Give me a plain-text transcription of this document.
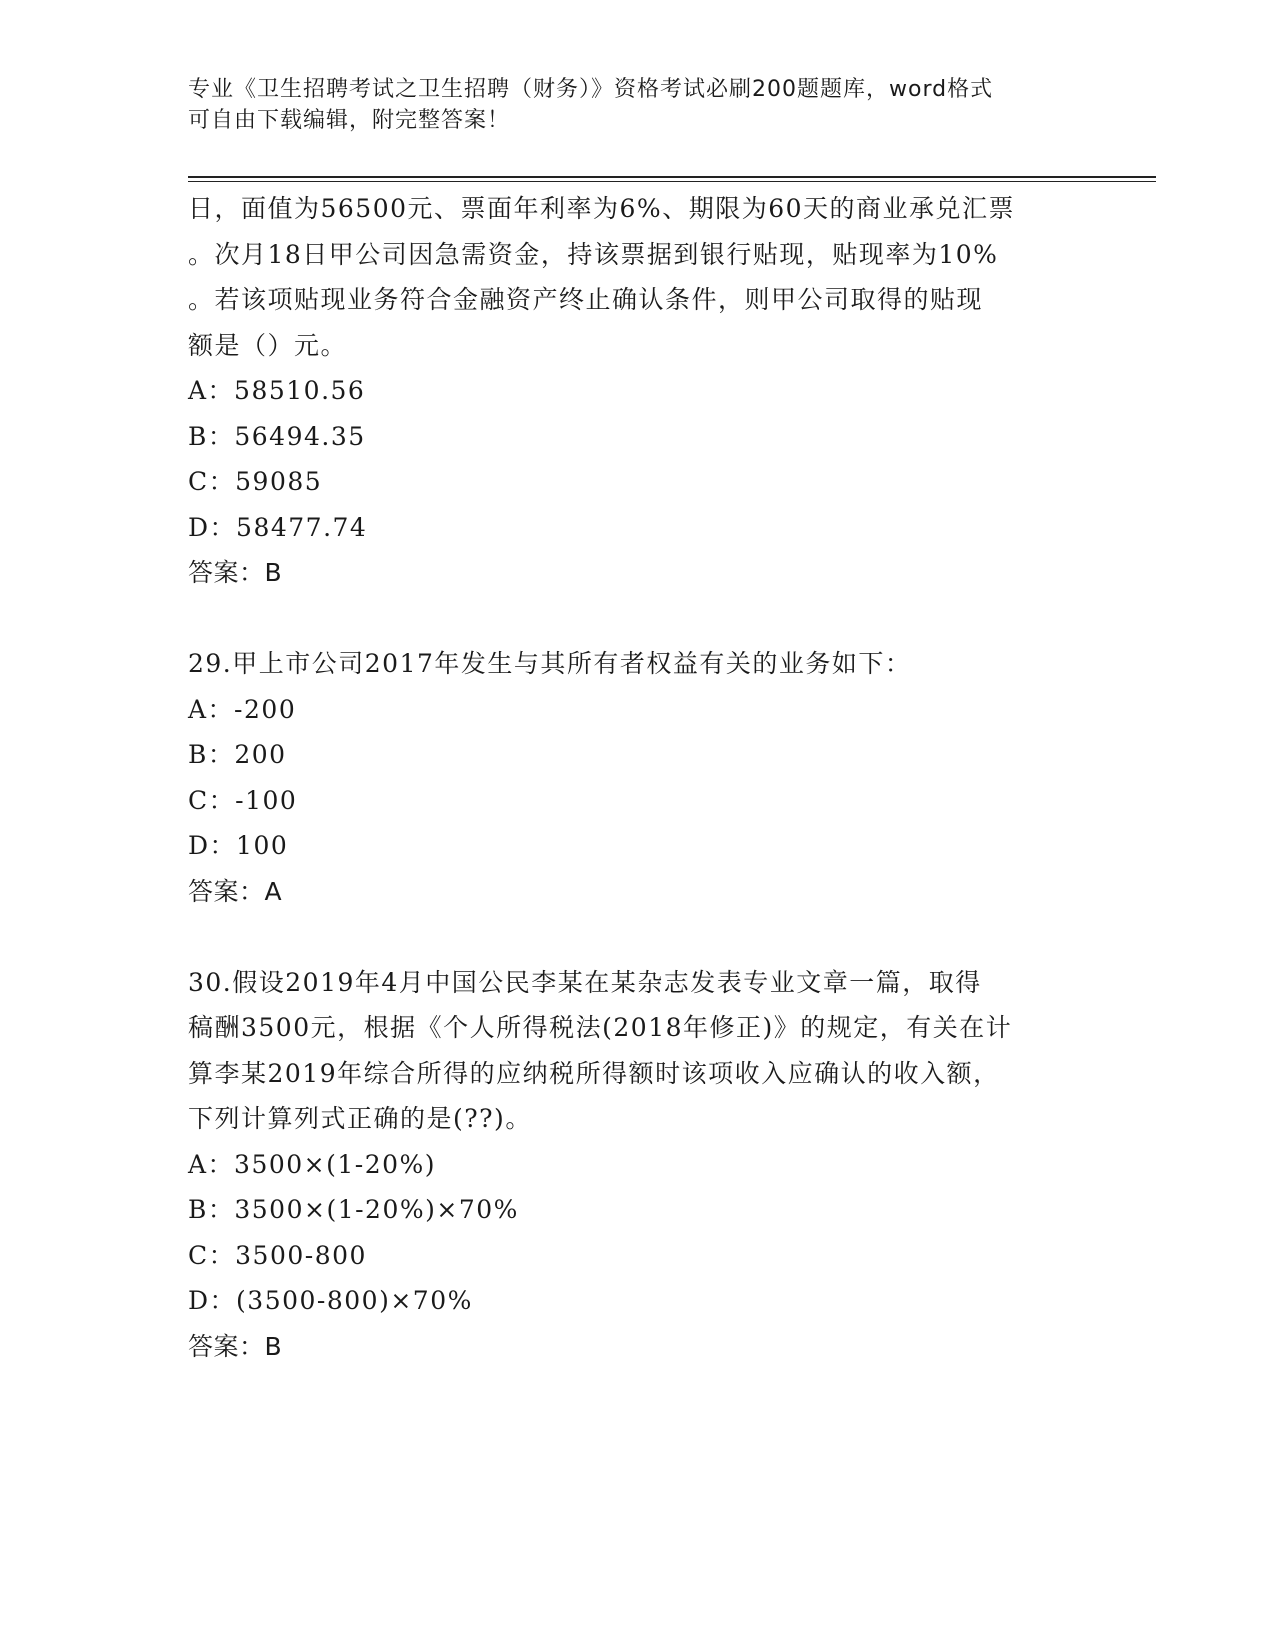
专业《卫生招聘考试之卫生招聘（财务）》资格考试必刷200题题库，word格式
可自由下载编辑，附完整答案！
日，面值为56500元、票面年利率为6%、期限为60天的商业承兑汇票
。次月18日甲公司因急需资金，持该票据到银行贴现，贴现率为10%
。若该项贴现业务符合金融资产终止确认条件，则甲公司取得的贴现
额是（）元。
A：58510.56
B：56494.35
C：59085
D：58477.74
答案：B
29.甲上市公司2017年发生与其所有者权益有关的业务如下：
A：-200
B：200
C：-100
D：100
答案：A
30.假设2019年4月中国公民李某在某杂志发表专业文章一篇，取得
稿酬3500元，根据《个人所得税法(2018年修正)》的规定，有关在计
算李某2019年综合所得的应纳税所得额时该项收入应确认的收入额，
下列计算列式正确的是(??)。
A：3500×(1-20%)
B：3500×(1-20%)×70%
C：3500-800
D：(3500-800)×70%
答案：B
